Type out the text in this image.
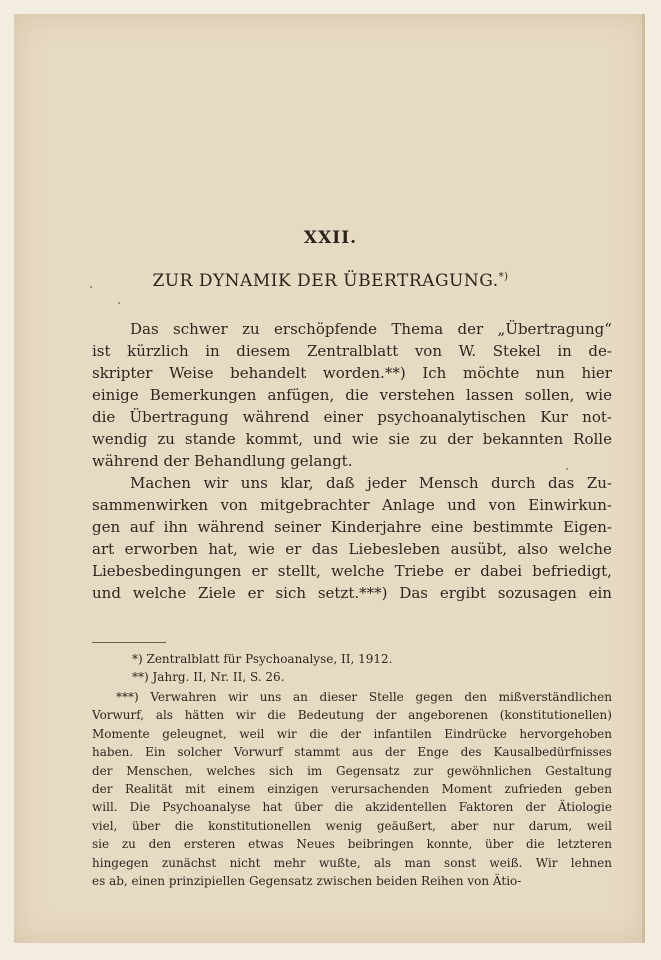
XXII.
ZUR DYNAMIK DER ÜBERTRAGUNG.*)
Das schwer zu erschöpfende Thema der „Übertragung“
ist kürzlich in diesem Zentralblatt von W. Stekel in de-
skripter Weise behandelt worden.**) Ich möchte nun hier
einige Bemerkungen anfügen, die verstehen lassen sollen, wie
die Übertragung während einer psychoanalytischen Kur not-
wendig zu stande kommt, und wie sie zu der bekannten Rolle
während der Behandlung gelangt.
Machen wir uns klar, daß jeder Mensch durch das Zu-
sammenwirken von mitgebrachter Anlage und von Einwirkun-
gen auf ihn während seiner Kinderjahre eine bestimmte Eigen-
art erworben hat, wie er das Liebesleben ausübt, also welche
Liebesbedingungen er stellt, welche Triebe er dabei befriedigt,
und welche Ziele er sich setzt.***) Das ergibt sozusagen ein
*) Zentralblatt für Psychoanalyse, II, 1912.
**) Jahrg. II, Nr. II, S. 26.
***) Verwahren wir uns an dieser Stelle gegen den mißverständlichen
Vorwurf, als hätten wir die Bedeutung der angeborenen (konstitutionellen)
Momente geleugnet, weil wir die der infantilen Eindrücke hervorgehoben
haben. Ein solcher Vorwurf stammt aus der Enge des Kausalbedürfnisses
der Menschen, welches sich im Gegensatz zur gewöhnlichen Gestaltung
der Realität mit einem einzigen verursachenden Moment zufrieden geben
will. Die Psychoanalyse hat über die akzidentellen Faktoren der Ätiologie
viel, über die konstitutionellen wenig geäußert, aber nur darum, weil
sie zu den ersteren etwas Neues beibringen konnte, über die letzteren
hingegen zunächst nicht mehr wußte, als man sonst weiß. Wir lehnen
es ab, einen prinzipiellen Gegensatz zwischen beiden Reihen von Ätio-
